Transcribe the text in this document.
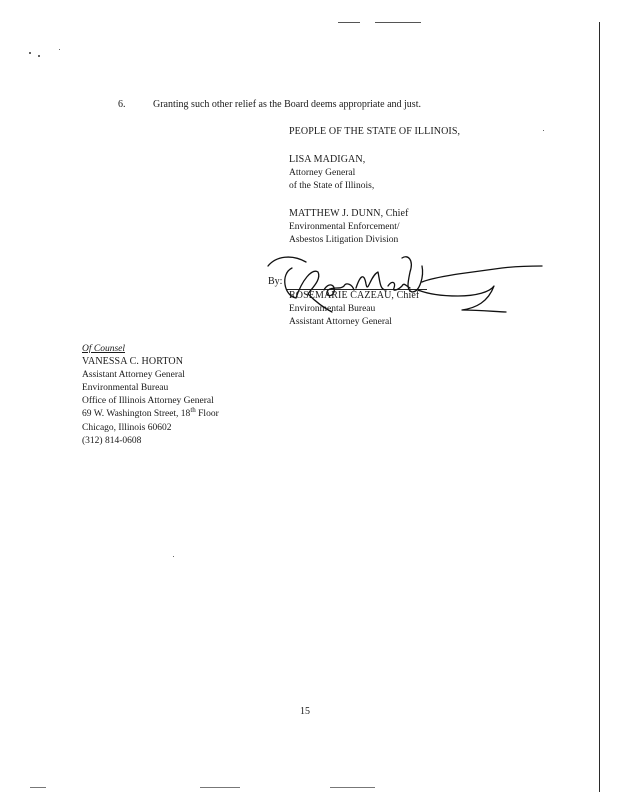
6.	Granting such other relief as the Board deems appropriate and just.
PEOPLE OF THE STATE OF ILLINOIS,
LISA MADIGAN,
Attorney General
of the State of Illinois,
MATTHEW J. DUNN, Chief
Environmental Enforcement/
Asbestos Litigation Division
By:
ROSEMARIE CAZEAU, Chief
Environmental Bureau
Assistant Attorney General
Of Counsel
VANESSA C. HORTON
Assistant Attorney General
Environmental Bureau
Office of Illinois Attorney General
69 W. Washington Street, 18th Floor
Chicago, Illinois 60602
(312) 814-0608
15
